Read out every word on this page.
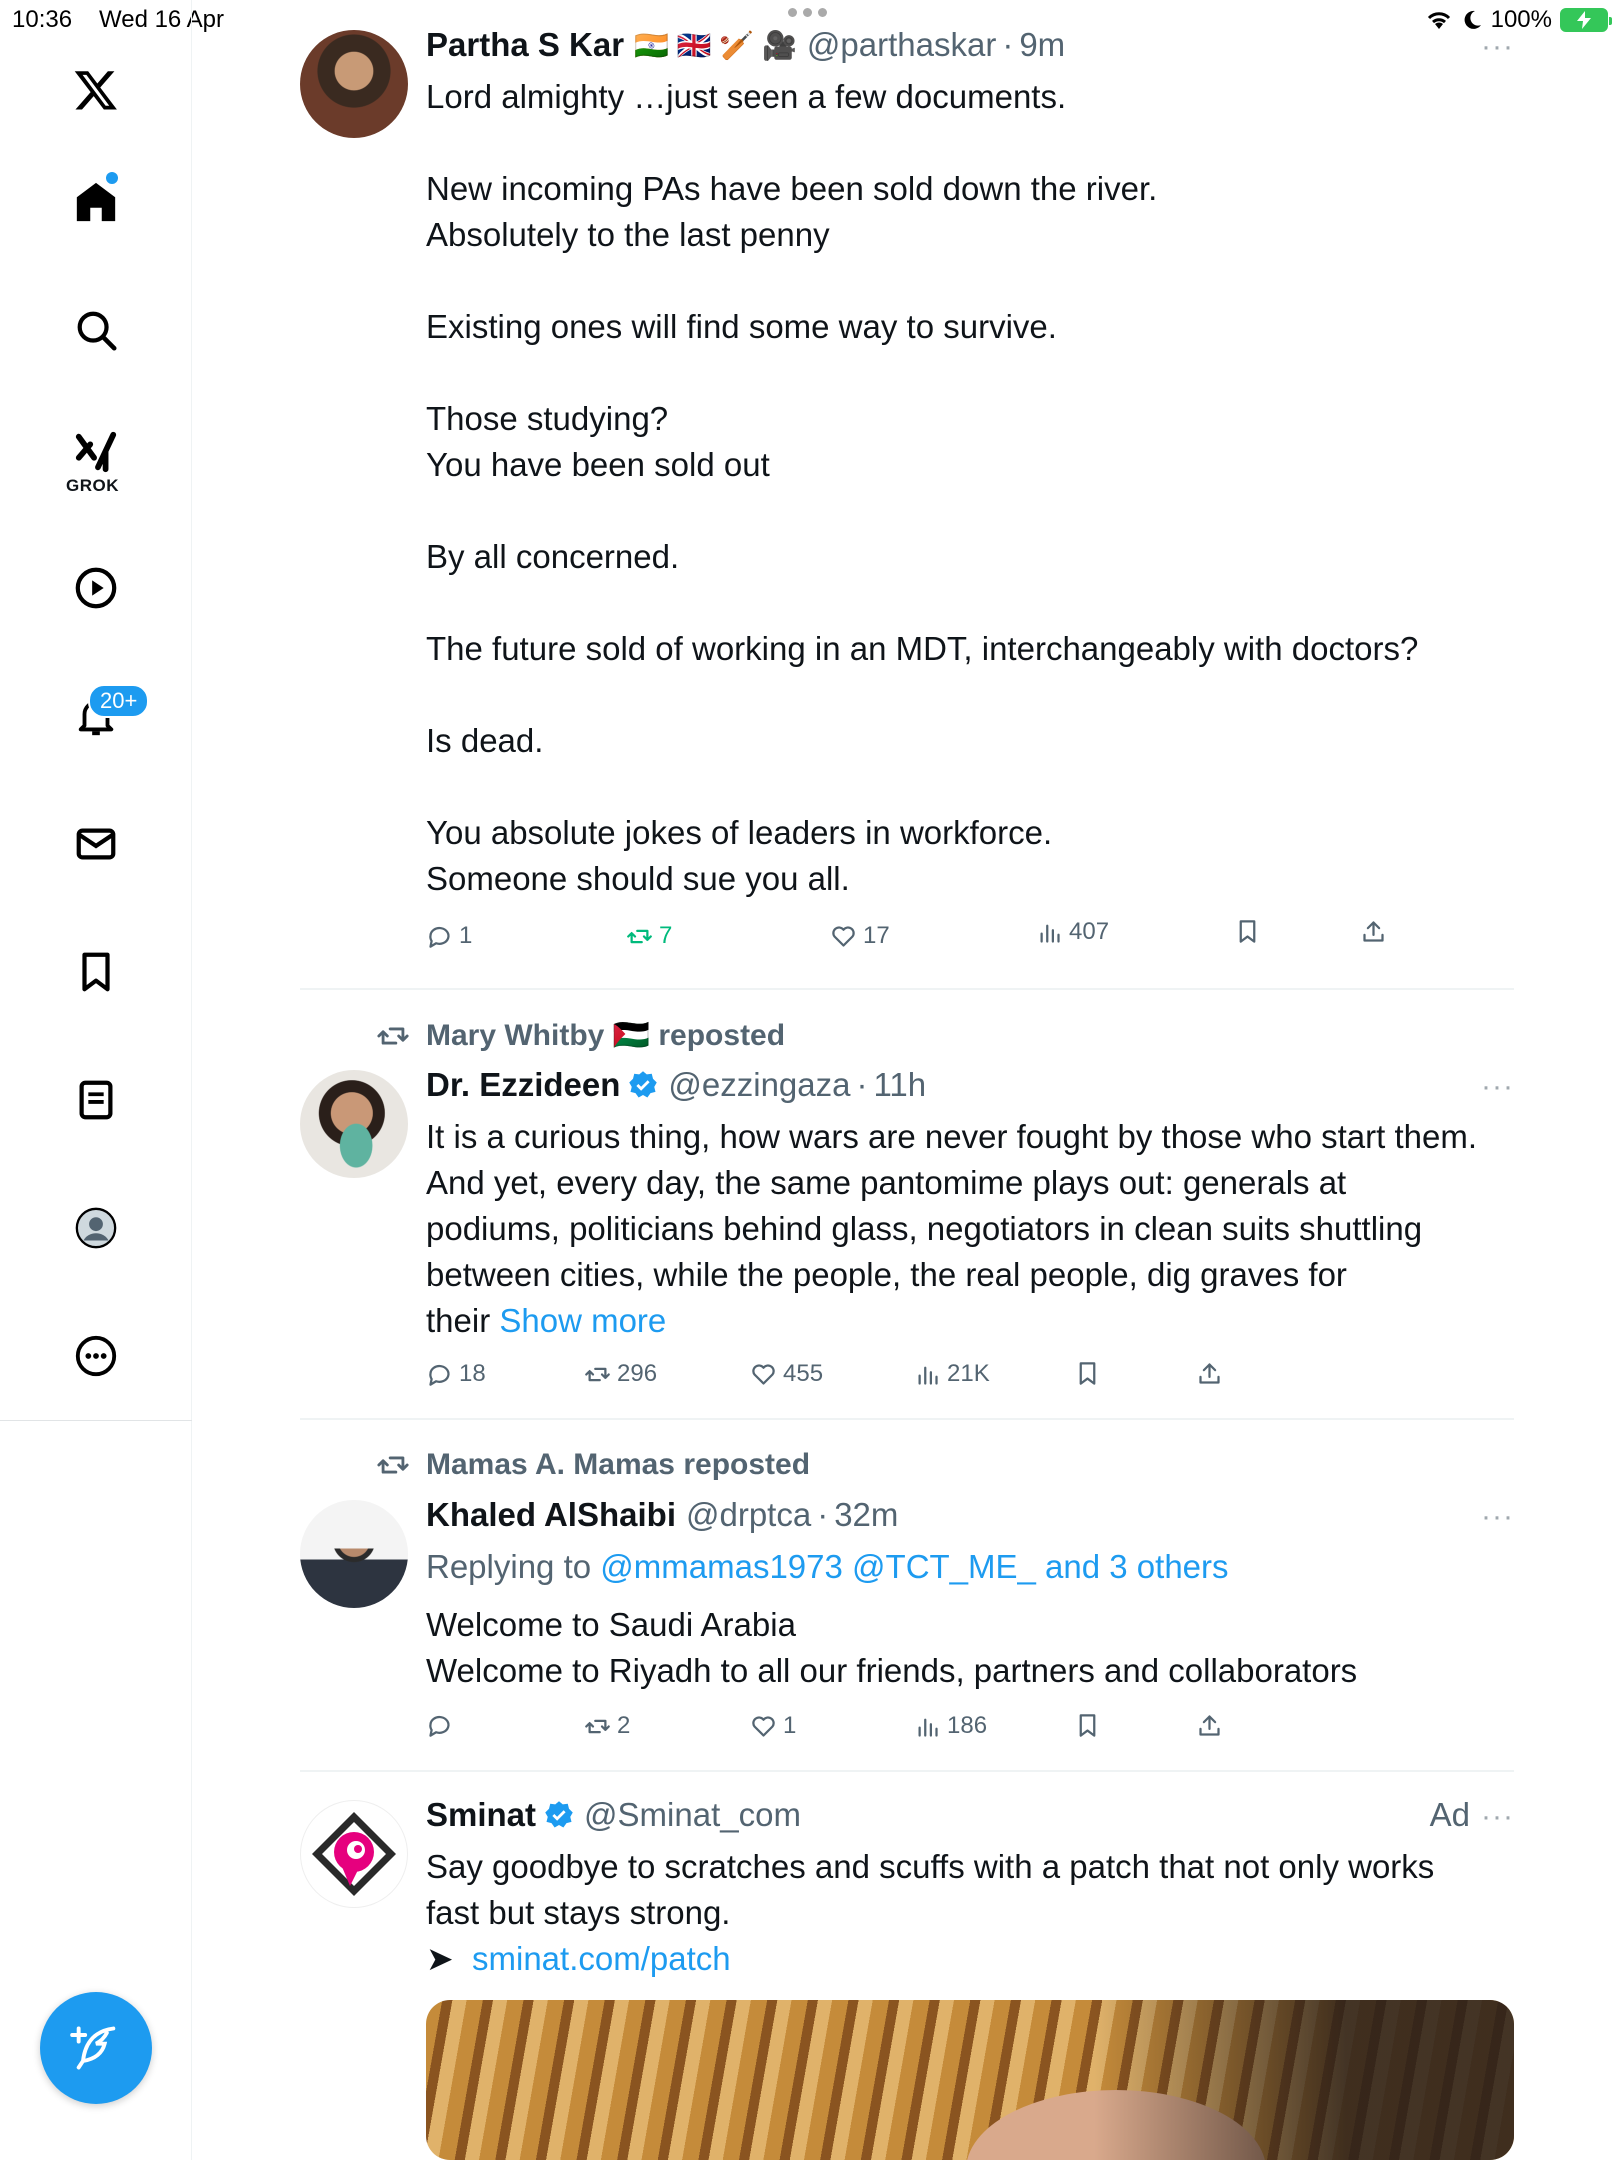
10:36 Wed 16 Apr	100%
GROK
20+
Partha S Kar 🇮🇳 🇬🇧 🏏 🎥 @parthaskar · 9m	···

Lord almighty …just seen a few documents.

New incoming PAs have been sold down the river.

Absolutely to the last penny

Existing ones will find some way to survive.

Those studying?

You have been sold out

By all concerned.

The future sold of working in an MDT, interchangeably with doctors?

Is dead.

You absolute jokes of leaders in workforce.

Someone should sue you all.

1	7	17	407
Mary Whitby 🇵🇸 reposted
Dr. Ezzideen @ezzingaza · 11h	···

It is a curious thing, how wars are never fought by those who start them.

And yet, every day, the same pantomime plays out: generals at

podiums, politicians behind glass, negotiators in clean suits shuttling

between cities, while the people, the real people, dig graves for

their Show more

18	296	455	21K
Mamas A. Mamas reposted
Khaled AlShaibi @drptca · 32m	···
Replying to @mmamas1973 @TCT_ME_ and 3 others

Welcome to Saudi Arabia

Welcome to Riyadh to all our friends, partners and collaborators

2	1	186
Sminat @Sminat_com	Ad ···

Say goodbye to scratches and scuffs with a patch that not only works

fast but stays strong.

➤ sminat.com/patch
